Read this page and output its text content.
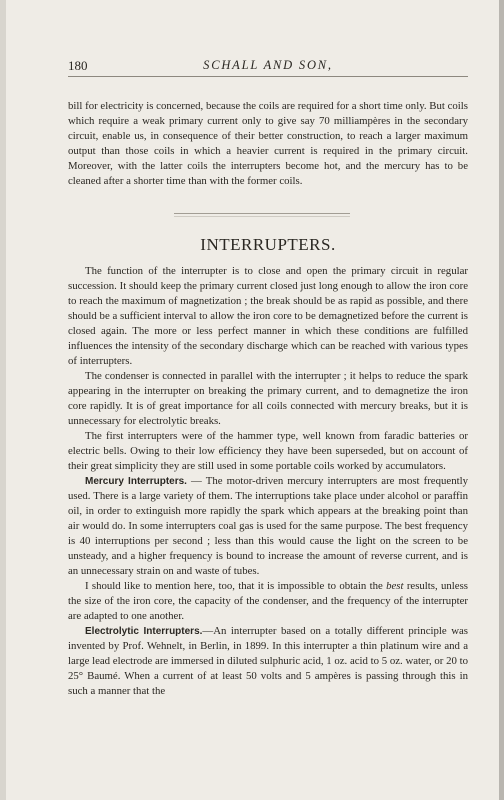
180	SCHALL AND SON,

bill for electricity is concerned, because the coils are required for a short time only. But coils which require a weak primary current only to give say 70 milliampères in the secondary circuit, enable us, in consequence of their better construction, to reach a larger maximum output than those coils in which a heavier current is required in the primary circuit. Moreover, with the latter coils the interrupters become hot, and the mercury has to be cleaned after a shorter time than with the former coils.

INTERRUPTERS.

The function of the interrupter is to close and open the primary circuit in regular succession. It should keep the primary current closed just long enough to allow the iron core to reach the maximum of magnetization ; the break should be as rapid as possible, and there should be a sufficient interval to allow the iron core to be demagnetized before the current is closed again. The more or less perfect manner in which these conditions are fulfilled influences the intensity of the secondary discharge which can be reached with various types of interrupters.

The condenser is connected in parallel with the interrupter ; it helps to reduce the spark appearing in the interrupter on breaking the primary current, and to demagnetize the iron core rapidly. It is of great importance for all coils connected with mercury breaks, but it is unnecessary for electrolytic breaks.

The first interrupters were of the hammer type, well known from faradic batteries or electric bells. Owing to their low efficiency they have been superseded, but on account of their great simplicity they are still used in some portable coils worked by accumulators.

Mercury Interrupters. — The motor-driven mercury interrupters are most frequently used. There is a large variety of them. The interruptions take place under alcohol or paraffin oil, in order to extinguish more rapidly the spark which appears at the breaking point than air would do. In some interrupters coal gas is used for the same purpose. The best frequency is 40 interruptions per second ; less than this would cause the light on the screen to be unsteady, and a higher frequency is bound to increase the amount of reverse current, and is an unnecessary strain on and waste of tubes.

I should like to mention here, too, that it is impossible to obtain the best results, unless the size of the iron core, the capacity of the condenser, and the frequency of the interrupter are adapted to one another.

Electrolytic Interrupters.—An interrupter based on a totally different principle was invented by Prof. Wehnelt, in Berlin, in 1899. In this interrupter a thin platinum wire and a large lead electrode are immersed in diluted sulphuric acid, 1 oz. acid to 5 oz. water, or 20 to 25° Baumé. When a current of at least 50 volts and 5 ampères is passing through this in such a manner that the
